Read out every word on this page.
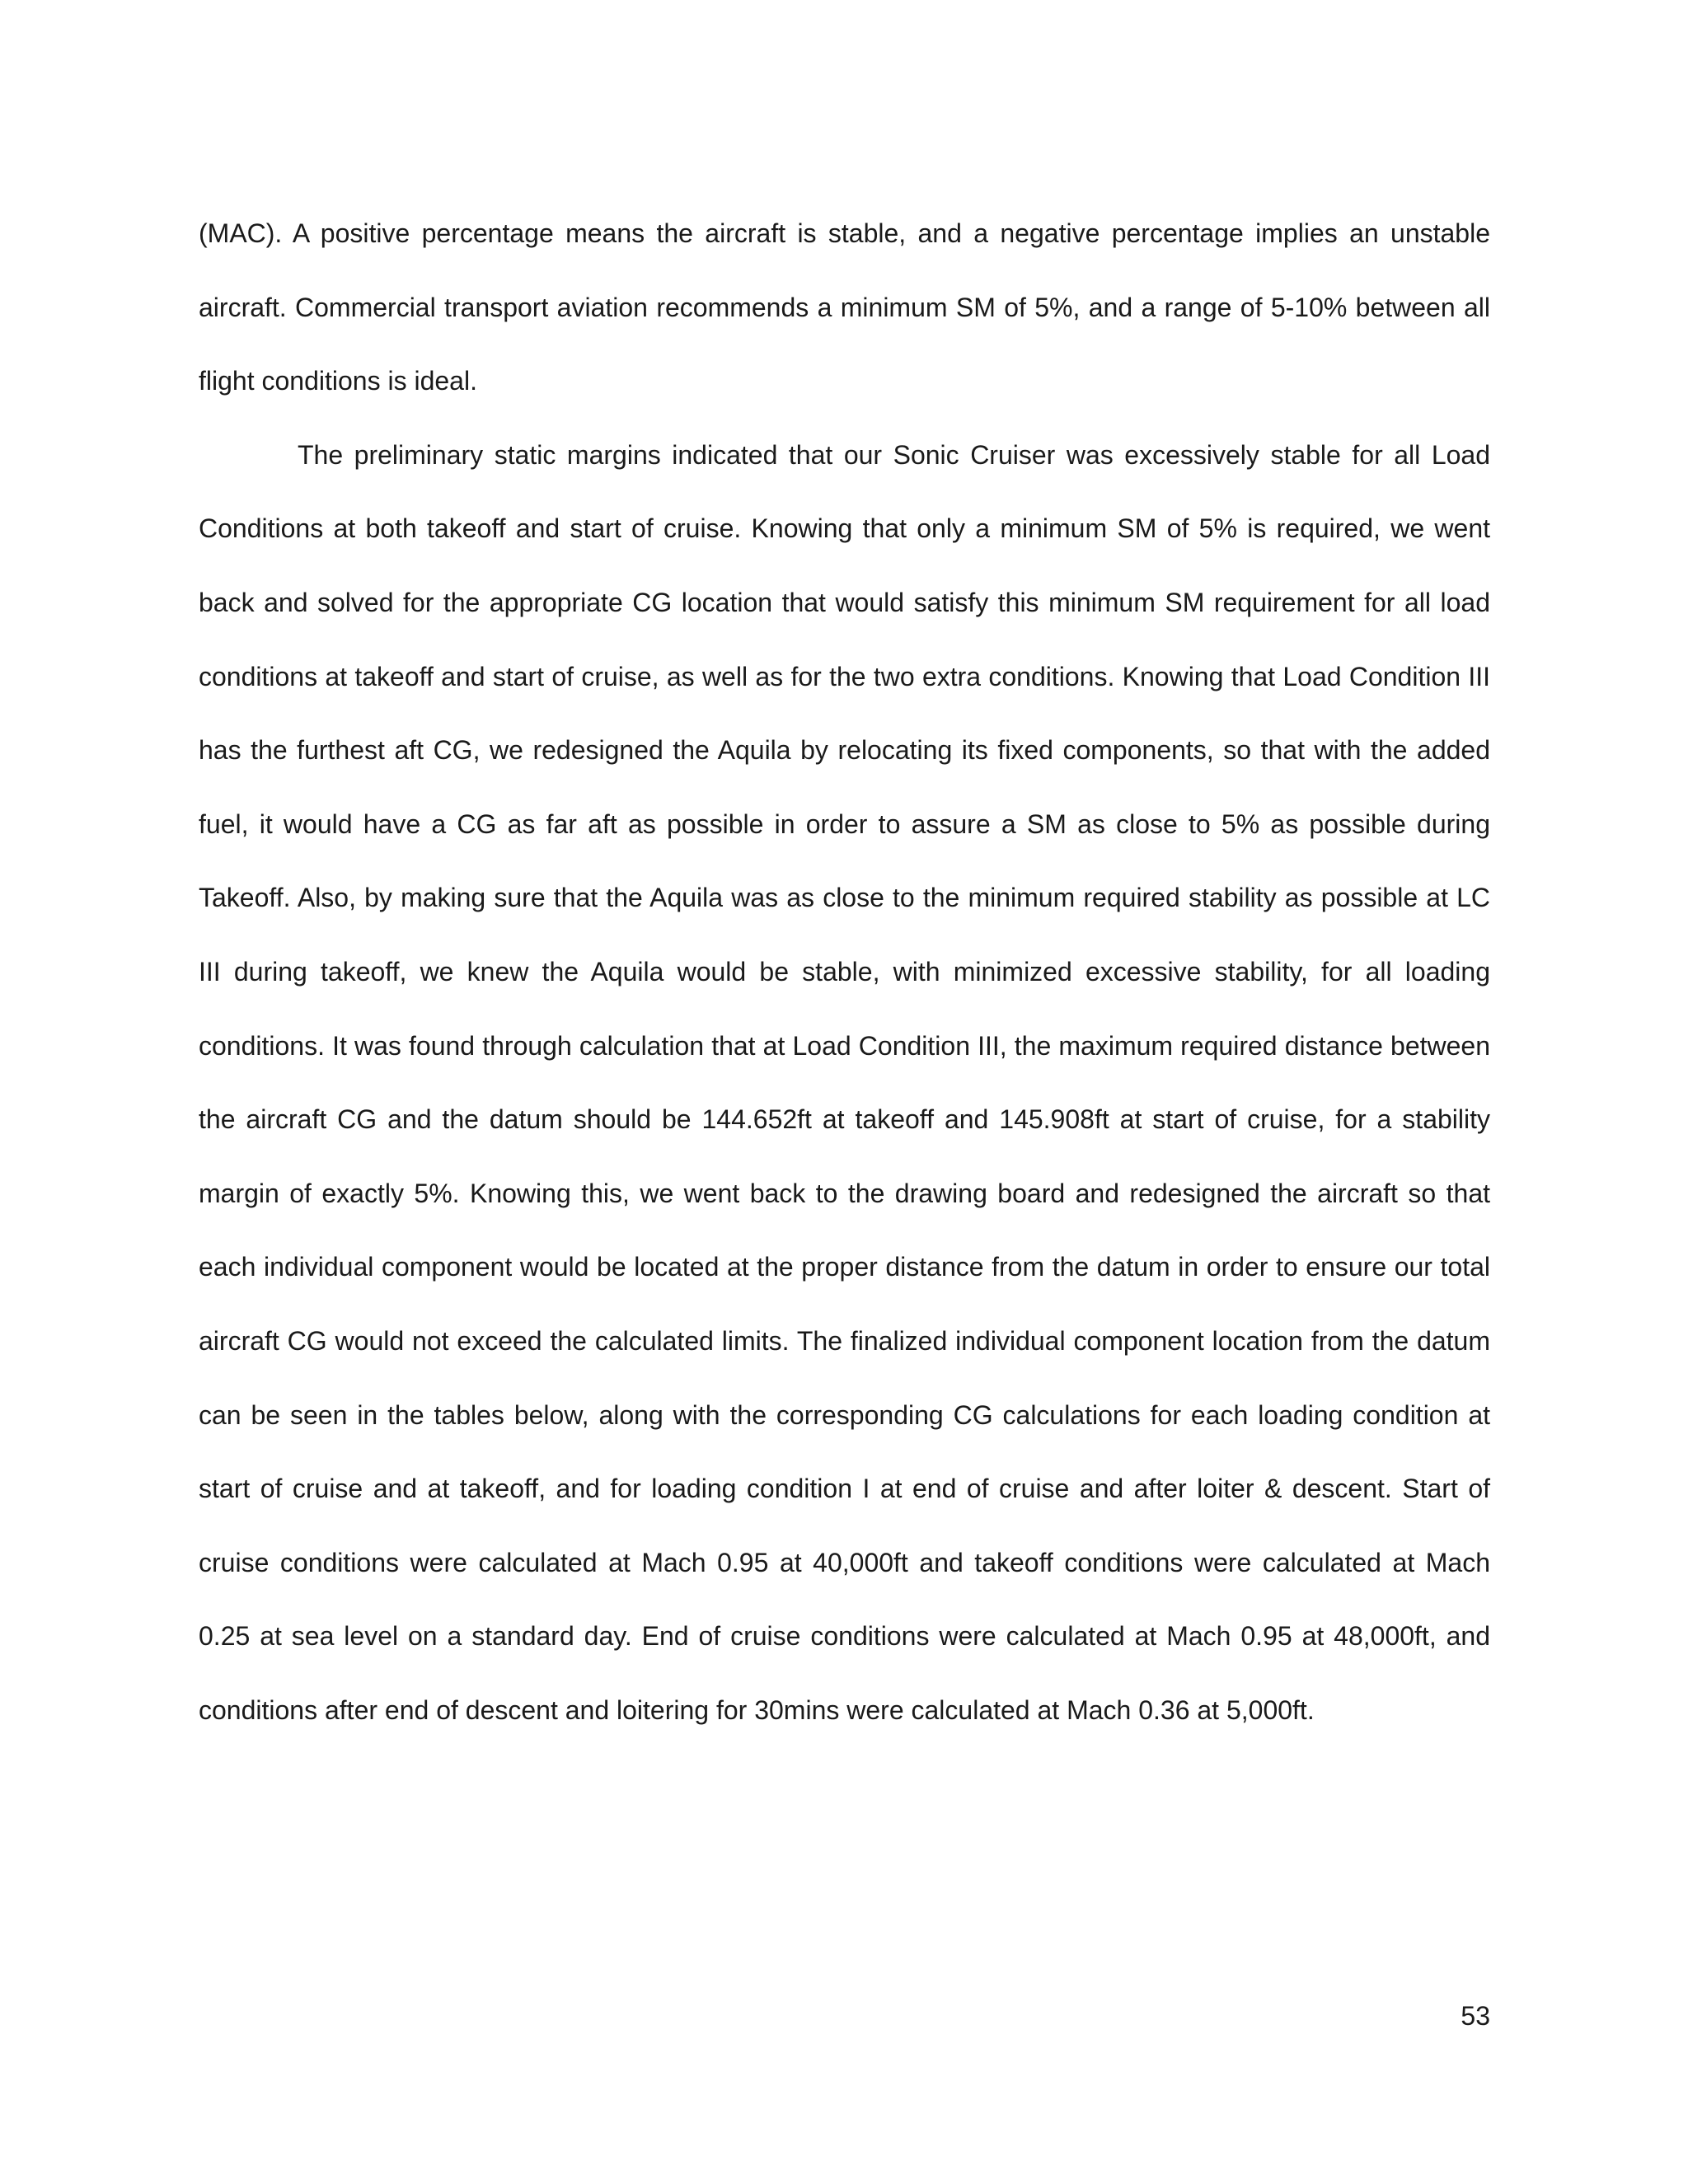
(MAC). A positive percentage means the aircraft is stable, and a negative percentage implies an unstable aircraft. Commercial transport aviation recommends a minimum SM of 5%, and a range of 5-10% between all flight conditions is ideal.

The preliminary static margins indicated that our Sonic Cruiser was excessively stable for all Load Conditions at both takeoff and start of cruise. Knowing that only a minimum SM of 5% is required, we went back and solved for the appropriate CG location that would satisfy this minimum SM requirement for all load conditions at takeoff and start of cruise, as well as for the two extra conditions. Knowing that Load Condition III has the furthest aft CG, we redesigned the Aquila by relocating its fixed components, so that with the added fuel, it would have a CG as far aft as possible in order to assure a SM as close to 5% as possible during Takeoff. Also, by making sure that the Aquila was as close to the minimum required stability as possible at LC III during takeoff, we knew the Aquila would be stable, with minimized excessive stability, for all loading conditions. It was found through calculation that at Load Condition III, the maximum required distance between the aircraft CG and the datum should be 144.652ft at takeoff and 145.908ft at start of cruise, for a stability margin of exactly 5%. Knowing this, we went back to the drawing board and redesigned the aircraft so that each individual component would be located at the proper distance from the datum in order to ensure our total aircraft CG would not exceed the calculated limits. The finalized individual component location from the datum can be seen in the tables below, along with the corresponding CG calculations for each loading condition at start of cruise and at takeoff, and for loading condition I at end of cruise and after loiter & descent. Start of cruise conditions were calculated at Mach 0.95 at 40,000ft and takeoff conditions were calculated at Mach 0.25 at sea level on a standard day. End of cruise conditions were calculated at Mach 0.95 at 48,000ft, and conditions after end of descent and loitering for 30mins were calculated at Mach 0.36 at 5,000ft.

53
